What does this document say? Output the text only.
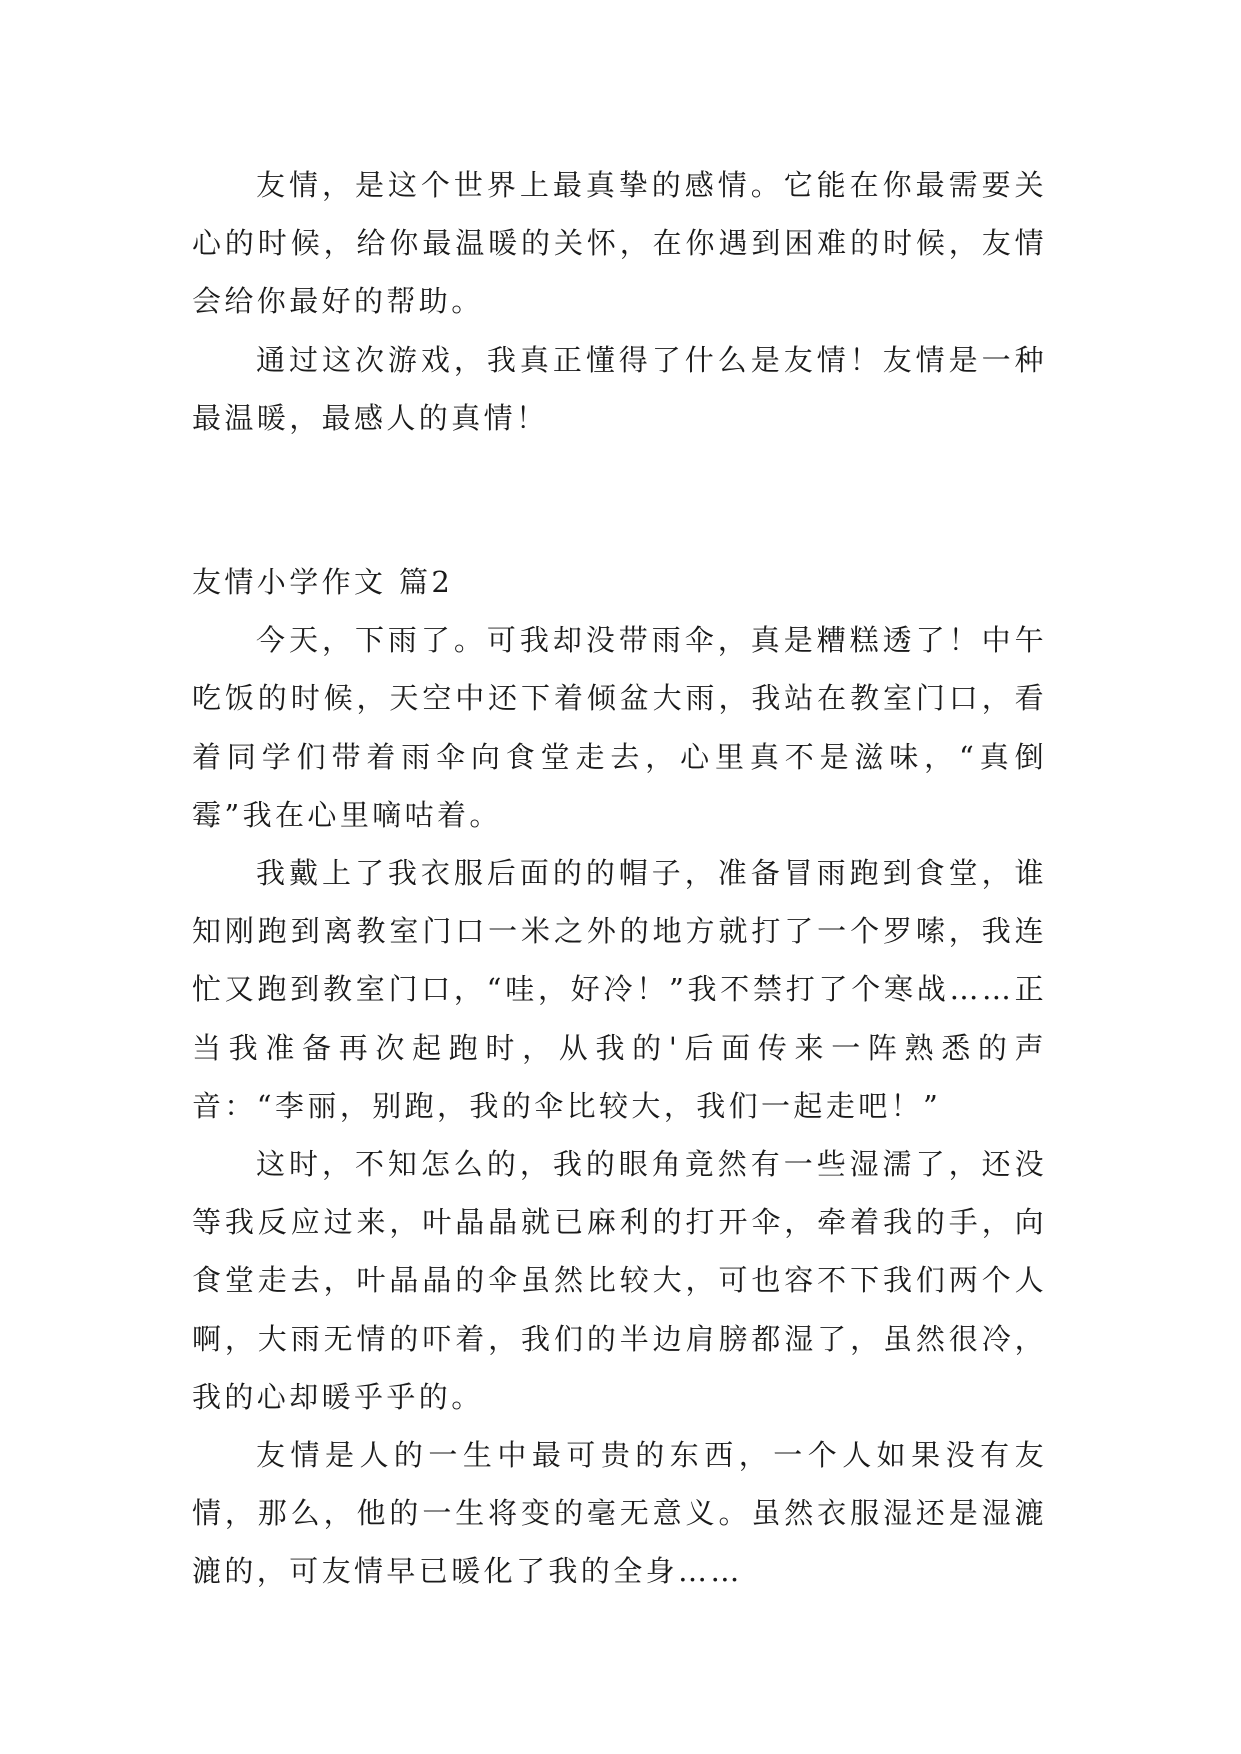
友情，是这个世界上最真挚的感情。它能在你最需要关心的时候，给你最温暖的关怀，在你遇到困难的时候，友情会给你最好的帮助。

通过这次游戏，我真正懂得了什么是友情！友情是一种最温暖，最感人的真情！

友情小学作文 篇2

今天，下雨了。可我却没带雨伞，真是糟糕透了！中午吃饭的时候，天空中还下着倾盆大雨，我站在教室门口，看着同学们带着雨伞向食堂走去，心里真不是滋味，“真倒霉”我在心里嘀咕着。

我戴上了我衣服后面的的帽子，准备冒雨跑到食堂，谁知刚跑到离教室门口一米之外的地方就打了一个罗嗦，我连忙又跑到教室门口，“哇，好冷！”我不禁打了个寒战……正当我准备再次起跑时，从我的'后面传来一阵熟悉的声音：“李丽，别跑，我的伞比较大，我们一起走吧！”

这时，不知怎么的，我的眼角竟然有一些湿濡了，还没等我反应过来，叶晶晶就已麻利的打开伞，牵着我的手，向食堂走去，叶晶晶的伞虽然比较大，可也容不下我们两个人啊，大雨无情的吓着，我们的半边肩膀都湿了，虽然很冷，我的心却暖乎乎的。

友情是人的一生中最可贵的东西，一个人如果没有友情，那么，他的一生将变的毫无意义。虽然衣服湿还是湿漉漉的，可友情早已暖化了我的全身……
